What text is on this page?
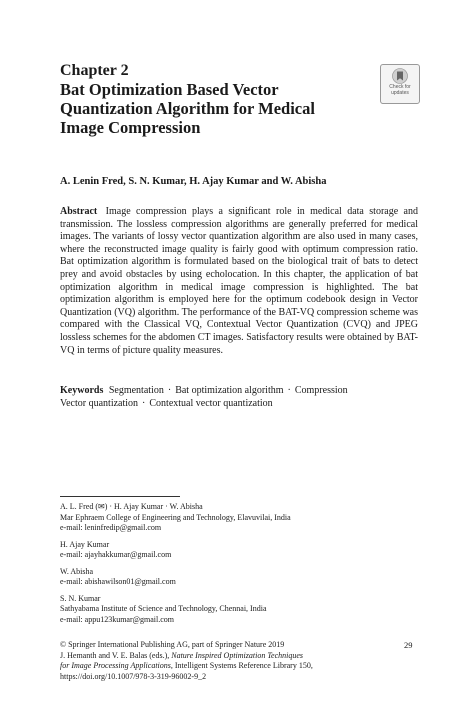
Chapter 2
Bat Optimization Based Vector Quantization Algorithm for Medical Image Compression
Check for
updates
A. Lenin Fred, S. N. Kumar, H. Ajay Kumar and W. Abisha
Abstract Image compression plays a significant role in medical data storage and transmission. The lossless compression algorithms are generally preferred for medical images. The variants of lossy vector quantization algorithm are also used in many cases, where the reconstructed image quality is fairly good with optimum compression ratio. Bat optimization algorithm is formulated based on the biological trait of bats to detect prey and avoid obstacles by using echolocation. In this chapter, the application of bat optimization algorithm in medical image compression is highlighted. The bat optimization algorithm is employed here for the optimum codebook design in Vector Quantization (VQ) algorithm. The performance of the BAT-VQ compression scheme was compared with the Classical VQ, Contextual Vector Quantization (CVQ) and JPEG lossless schemes for the abdomen CT images. Satisfactory results were obtained by BAT-VQ in terms of picture quality measures.
Keywords Segmentation · Bat optimization algorithm · Compression
Vector quantization · Contextual vector quantization
A. L. Fred (✉) · H. Ajay Kumar · W. Abisha
Mar Ephraem College of Engineering and Technology, Elavuvilai, India
e-mail: leninfredip@gmail.com
H. Ajay Kumar
e-mail: ajayhakkumar@gmail.com
W. Abisha
e-mail: abishawilson01@gmail.com
S. N. Kumar
Sathyabama Institute of Science and Technology, Chennai, India
e-mail: appu123kumar@gmail.com
© Springer International Publishing AG, part of Springer Nature 2019
J. Hemanth and V. E. Balas (eds.), Nature Inspired Optimization Techniques
for Image Processing Applications, Intelligent Systems Reference Library 150,
https://doi.org/10.1007/978-3-319-96002-9_2
29
